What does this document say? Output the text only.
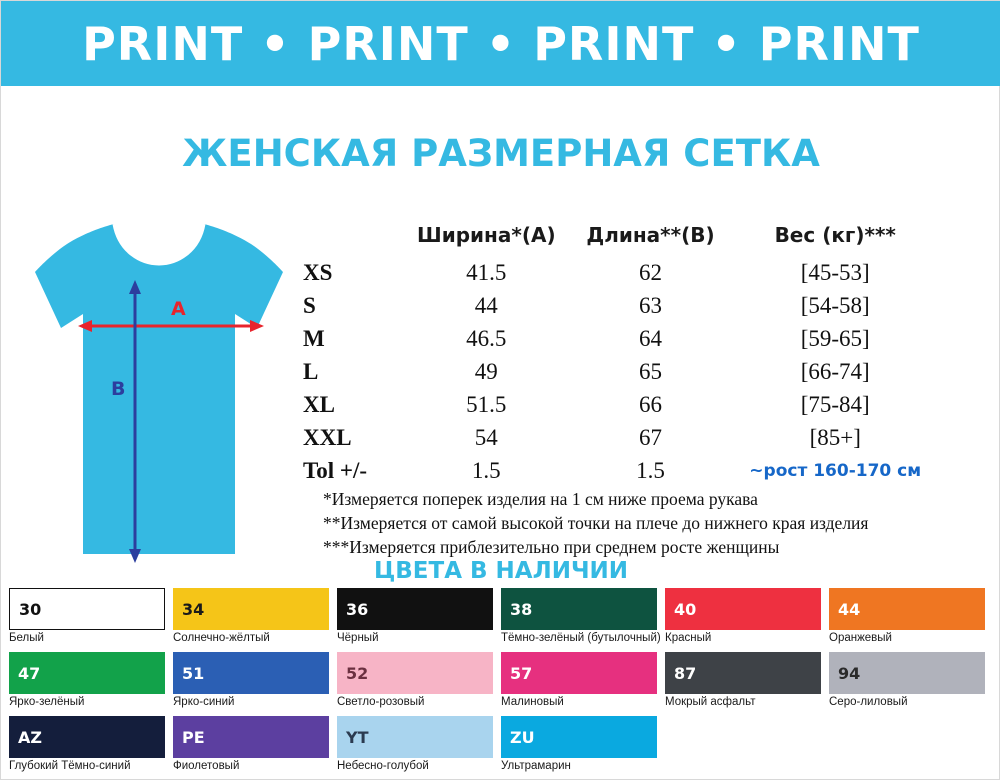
PRINT • PRINT • PRINT • PRINT
ЖЕНСКАЯ РАЗМЕРНАЯ СЕТКА
A
B
	Ширина*(A)	Длина**(B)	Вес (кг)***
XS	41.5	62	[45-53]
S	44	63	[54-58]
M	46.5	64	[59-65]
L	49	65	[66-74]
XL	51.5	66	[75-84]
XXL	54	67	[85+]
Tol +/-	1.5	1.5	~рост 160-170 см
*Измеряется поперек изделия на 1 см ниже проема рукава
**Измеряется от самой высокой точки на плече до нижнего края изделия
***Измеряется приблезительно при среднем росте женщины
ЦВЕТА В НАЛИЧИИ
30
Белый
34
Солнечно-жёлтый
36
Чёрный
38
Тёмно-зелёный (бутылочный)
40
Красный
44
Оранжевый
47
Ярко-зелёный
51
Ярко-синий
52
Светло-розовый
57
Малиновый
87
Мокрый асфальт
94
Серо-лиловый
AZ
Глубокий Тёмно-синий
PE
Фиолетовый
YT
Небесно-голубой
ZU
Ультрамарин
